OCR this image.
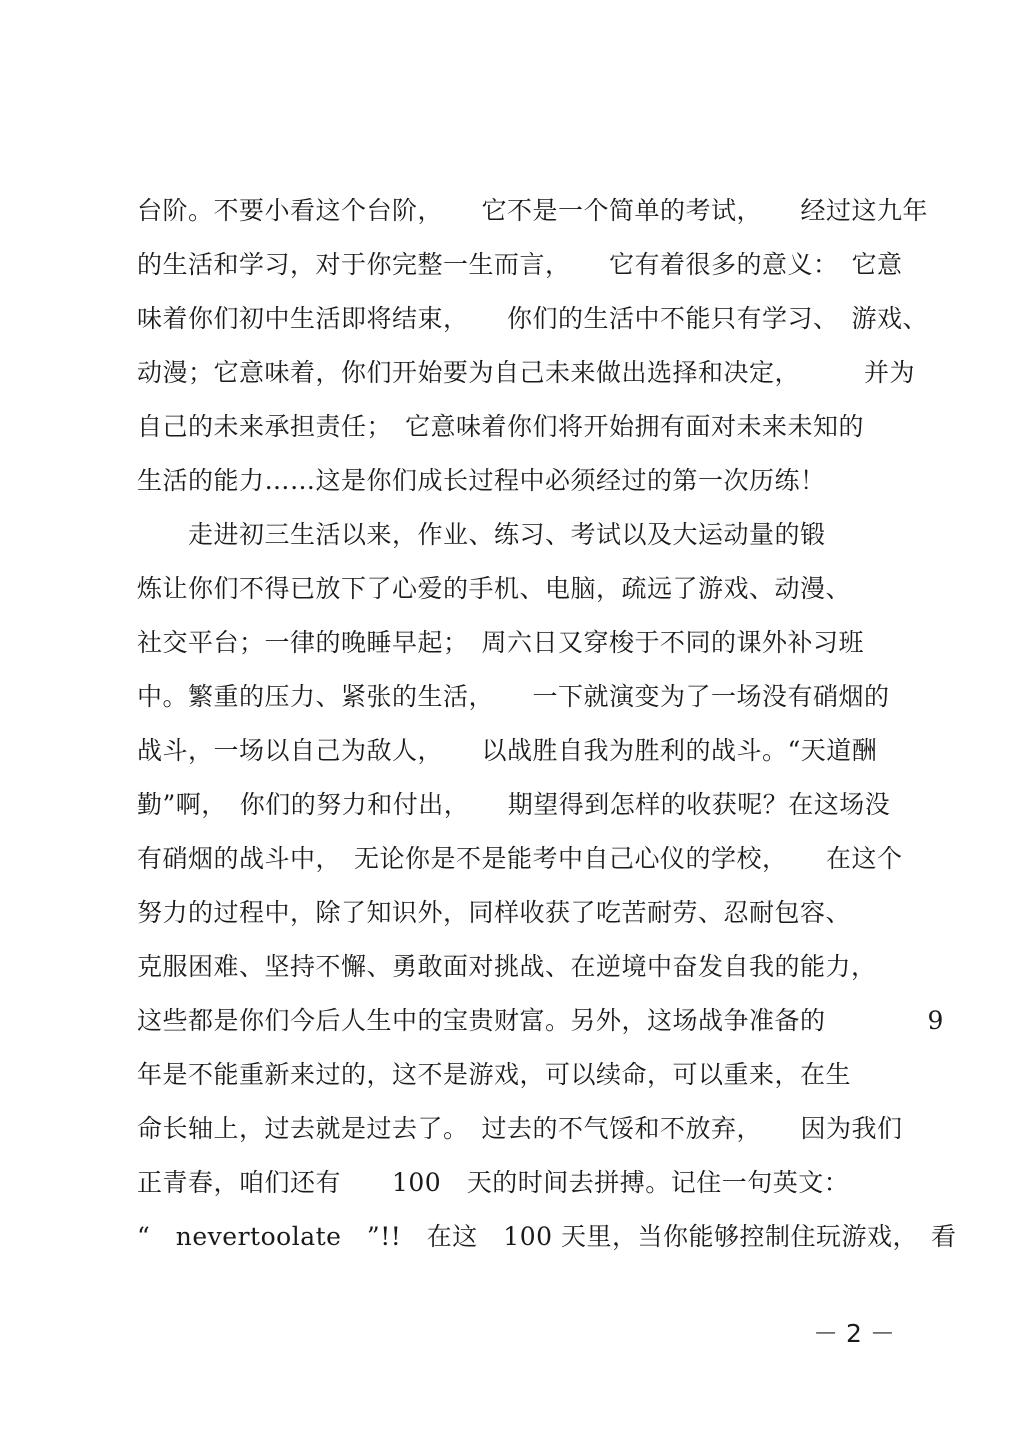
台阶。不要小看这个台阶，　　它不是一个简单的考试，　　经过这九年
的生活和学习，对于你完整一生而言，　　它有着很多的意义：　它意
味着你们初中生活即将结束，　　你们的生活中不能只有学习、　游戏、
动漫；它意味着，你们开始要为自己未来做出选择和决定，　　　并为
自己的未来承担责任；　它意味着你们将开始拥有面对未来未知的
生活的能力……这是你们成长过程中必须经过的第一次历练！
　　走进初三生活以来，作业、练习、考试以及大运动量的锻
炼让你们不得已放下了心爱的手机、电脑，疏远了游戏、动漫、
社交平台；一律的晚睡早起；　周六日又穿梭于不同的课外补习班
中。繁重的压力、紧张的生活，　　一下就演变为了一场没有硝烟的
战斗，一场以自己为敌人，　　以战胜自我为胜利的战斗。“天道酬
勤”啊，　你们的努力和付出，　　期望得到怎样的收获呢？在这场没
有硝烟的战斗中，　无论你是不是能考中自己心仪的学校，　　在这个
努力的过程中，除了知识外，同样收获了吃苦耐劳、忍耐包容、
克服困难、坚持不懈、勇敢面对挑战、在逆境中奋发自我的能力，
这些都是你们今后人生中的宝贵财富。另外，这场战争准备的　　　　9
年是不能重新来过的，这不是游戏，可以续命，可以重来，在生
命长轴上，过去就是过去了。　过去的不气馁和不放弃，　　因为我们
正青春，咱们还有　　100　天的时间去拼搏。记住一句英文：
“　nevertoolate　”!!　在这　100 天里，当你能够控制住玩游戏，　看
－ 2 －
